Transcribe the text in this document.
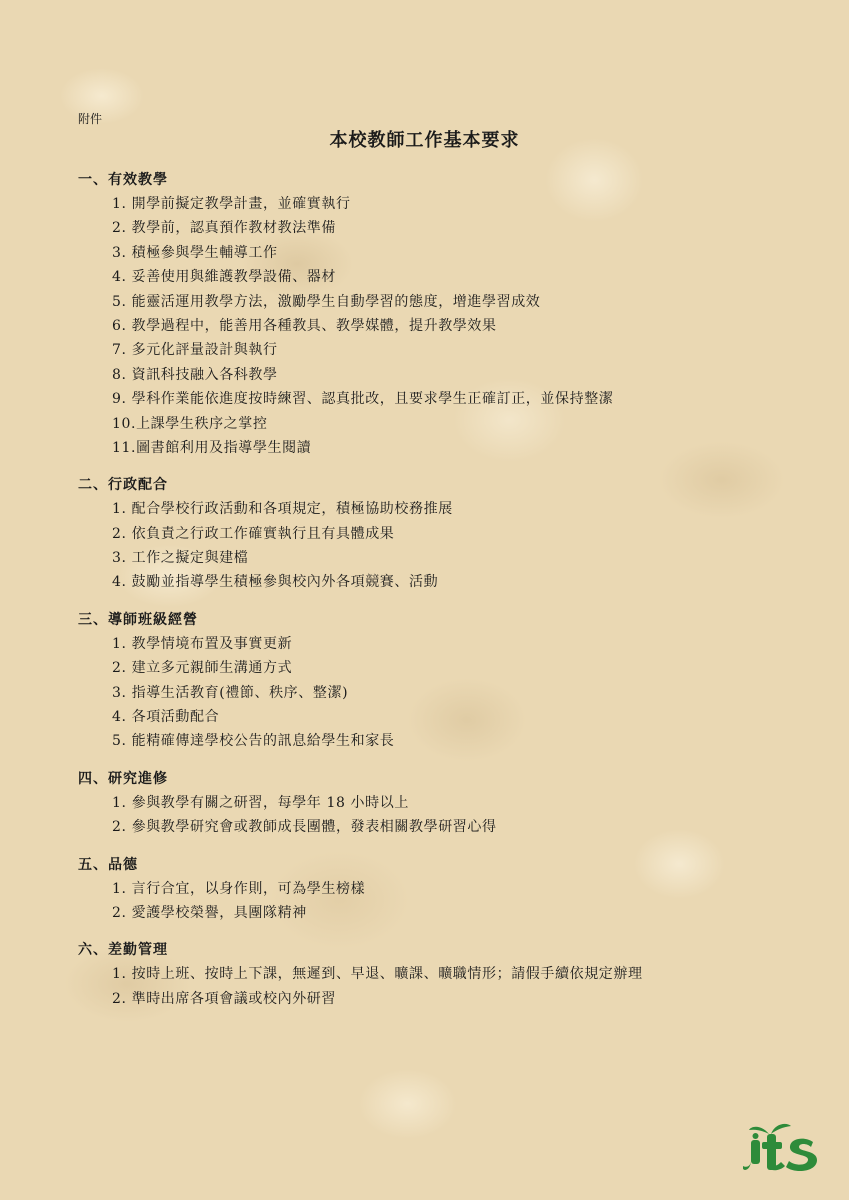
附件
本校教師工作基本要求
一、有效教學
1. 開學前擬定教學計畫，並確實執行
2. 教學前，認真預作教材教法準備
3. 積極參與學生輔導工作
4. 妥善使用與維護教學設備、器材
5. 能靈活運用教學方法，激勵學生自動學習的態度，增進學習成效
6. 教學過程中，能善用各種教具、教學媒體，提升教學效果
7. 多元化評量設計與執行
8. 資訊科技融入各科教學
9. 學科作業能依進度按時練習、認真批改，且要求學生正確訂正，並保持整潔
10.上課學生秩序之掌控
11.圖書館利用及指導學生閱讀
二、行政配合
1. 配合學校行政活動和各項規定，積極協助校務推展
2. 依負責之行政工作確實執行且有具體成果
3. 工作之擬定與建檔
4. 鼓勵並指導學生積極參與校內外各項競賽、活動
三、導師班級經營
1. 教學情境布置及事實更新
2. 建立多元親師生溝通方式
3. 指導生活教育(禮節、秩序、整潔)
4. 各項活動配合
5. 能精確傳達學校公告的訊息給學生和家長
四、研究進修
1. 參與教學有關之研習，每學年 18 小時以上
2. 參與教學研究會或教師成長團體，發表相關教學研習心得
五、品德
1. 言行合宜，以身作則，可為學生榜樣
2. 愛護學校榮譽，具團隊精神
六、差勤管理
1. 按時上班、按時上下課，無遲到、早退、曠課、曠職情形；請假手續依規定辦理
2. 準時出席各項會議或校內外研習
